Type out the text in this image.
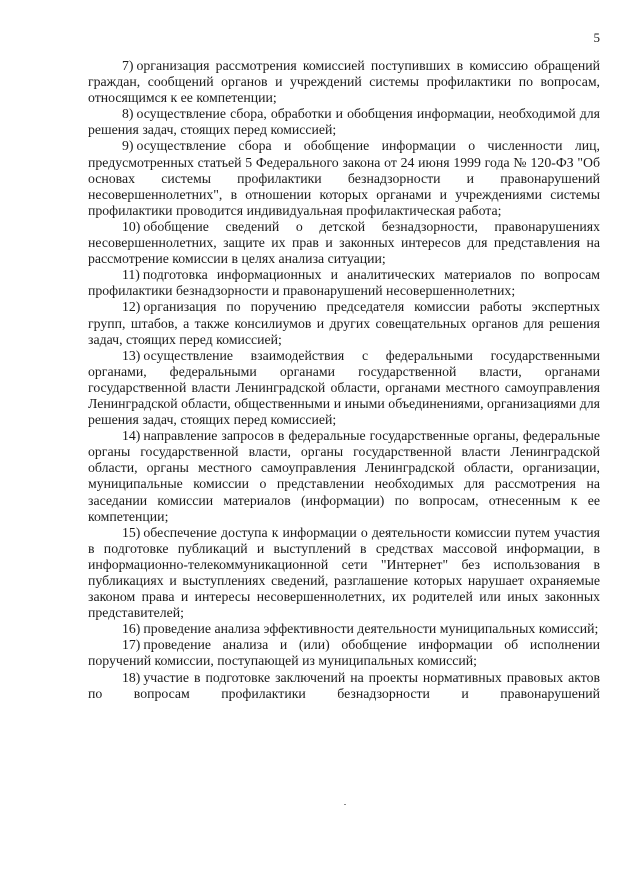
5

7) организация рассмотрения комиссией поступивших в комиссию обращений граждан, сообщений органов и учреждений системы профилактики по вопросам, относящимся к ее компетенции;

8) осуществление сбора, обработки и обобщения информации, необходимой для решения задач, стоящих перед комиссией;

9) осуществление сбора и обобщение информации о численности лиц, предусмотренных статьей 5 Федерального закона от 24 июня 1999 года № 120-ФЗ "Об основах системы профилактики безнадзорности и правонарушений несовершеннолетних", в отношении которых органами и учреждениями системы профилактики проводится индивидуальная профилактическая работа;

10) обобщение сведений о детской безнадзорности, правонарушениях несовершеннолетних, защите их прав и законных интересов для представления на рассмотрение комиссии в целях анализа ситуации;

11) подготовка информационных и аналитических материалов по вопросам профилактики безнадзорности и правонарушений несовершеннолетних;

12) организация по поручению председателя комиссии работы экспертных групп, штабов, а также консилиумов и других совещательных органов для решения задач, стоящих перед комиссией;

13) осуществление взаимодействия с федеральными государственными органами, федеральными органами государственной власти, органами государственной власти Ленинградской области, органами местного самоуправления Ленинградской области, общественными и иными объединениями, организациями для решения задач, стоящих перед комиссией;

14) направление запросов в федеральные государственные органы, федеральные органы государственной власти, органы государственной власти Ленинградской области, органы местного самоуправления Ленинградской области, организации, муниципальные комиссии о представлении необходимых для рассмотрения на заседании комиссии материалов (информации) по вопросам, отнесенным к ее компетенции;

15) обеспечение доступа к информации о деятельности комиссии путем участия в подготовке публикаций и выступлений в средствах массовой информации, в информационно-телекоммуникационной сети "Интернет" без использования в публикациях и выступлениях сведений, разглашение которых нарушает охраняемые законом права и интересы несовершеннолетних, их родителей или иных законных представителей;

16) проведение анализа эффективности деятельности муниципальных комиссий;

17) проведение анализа и (или) обобщение информации об исполнении поручений комиссии, поступающей из муниципальных комиссий;

18) участие в подготовке заключений на проекты нормативных правовых актов по вопросам профилактики безнадзорности и правонарушений
